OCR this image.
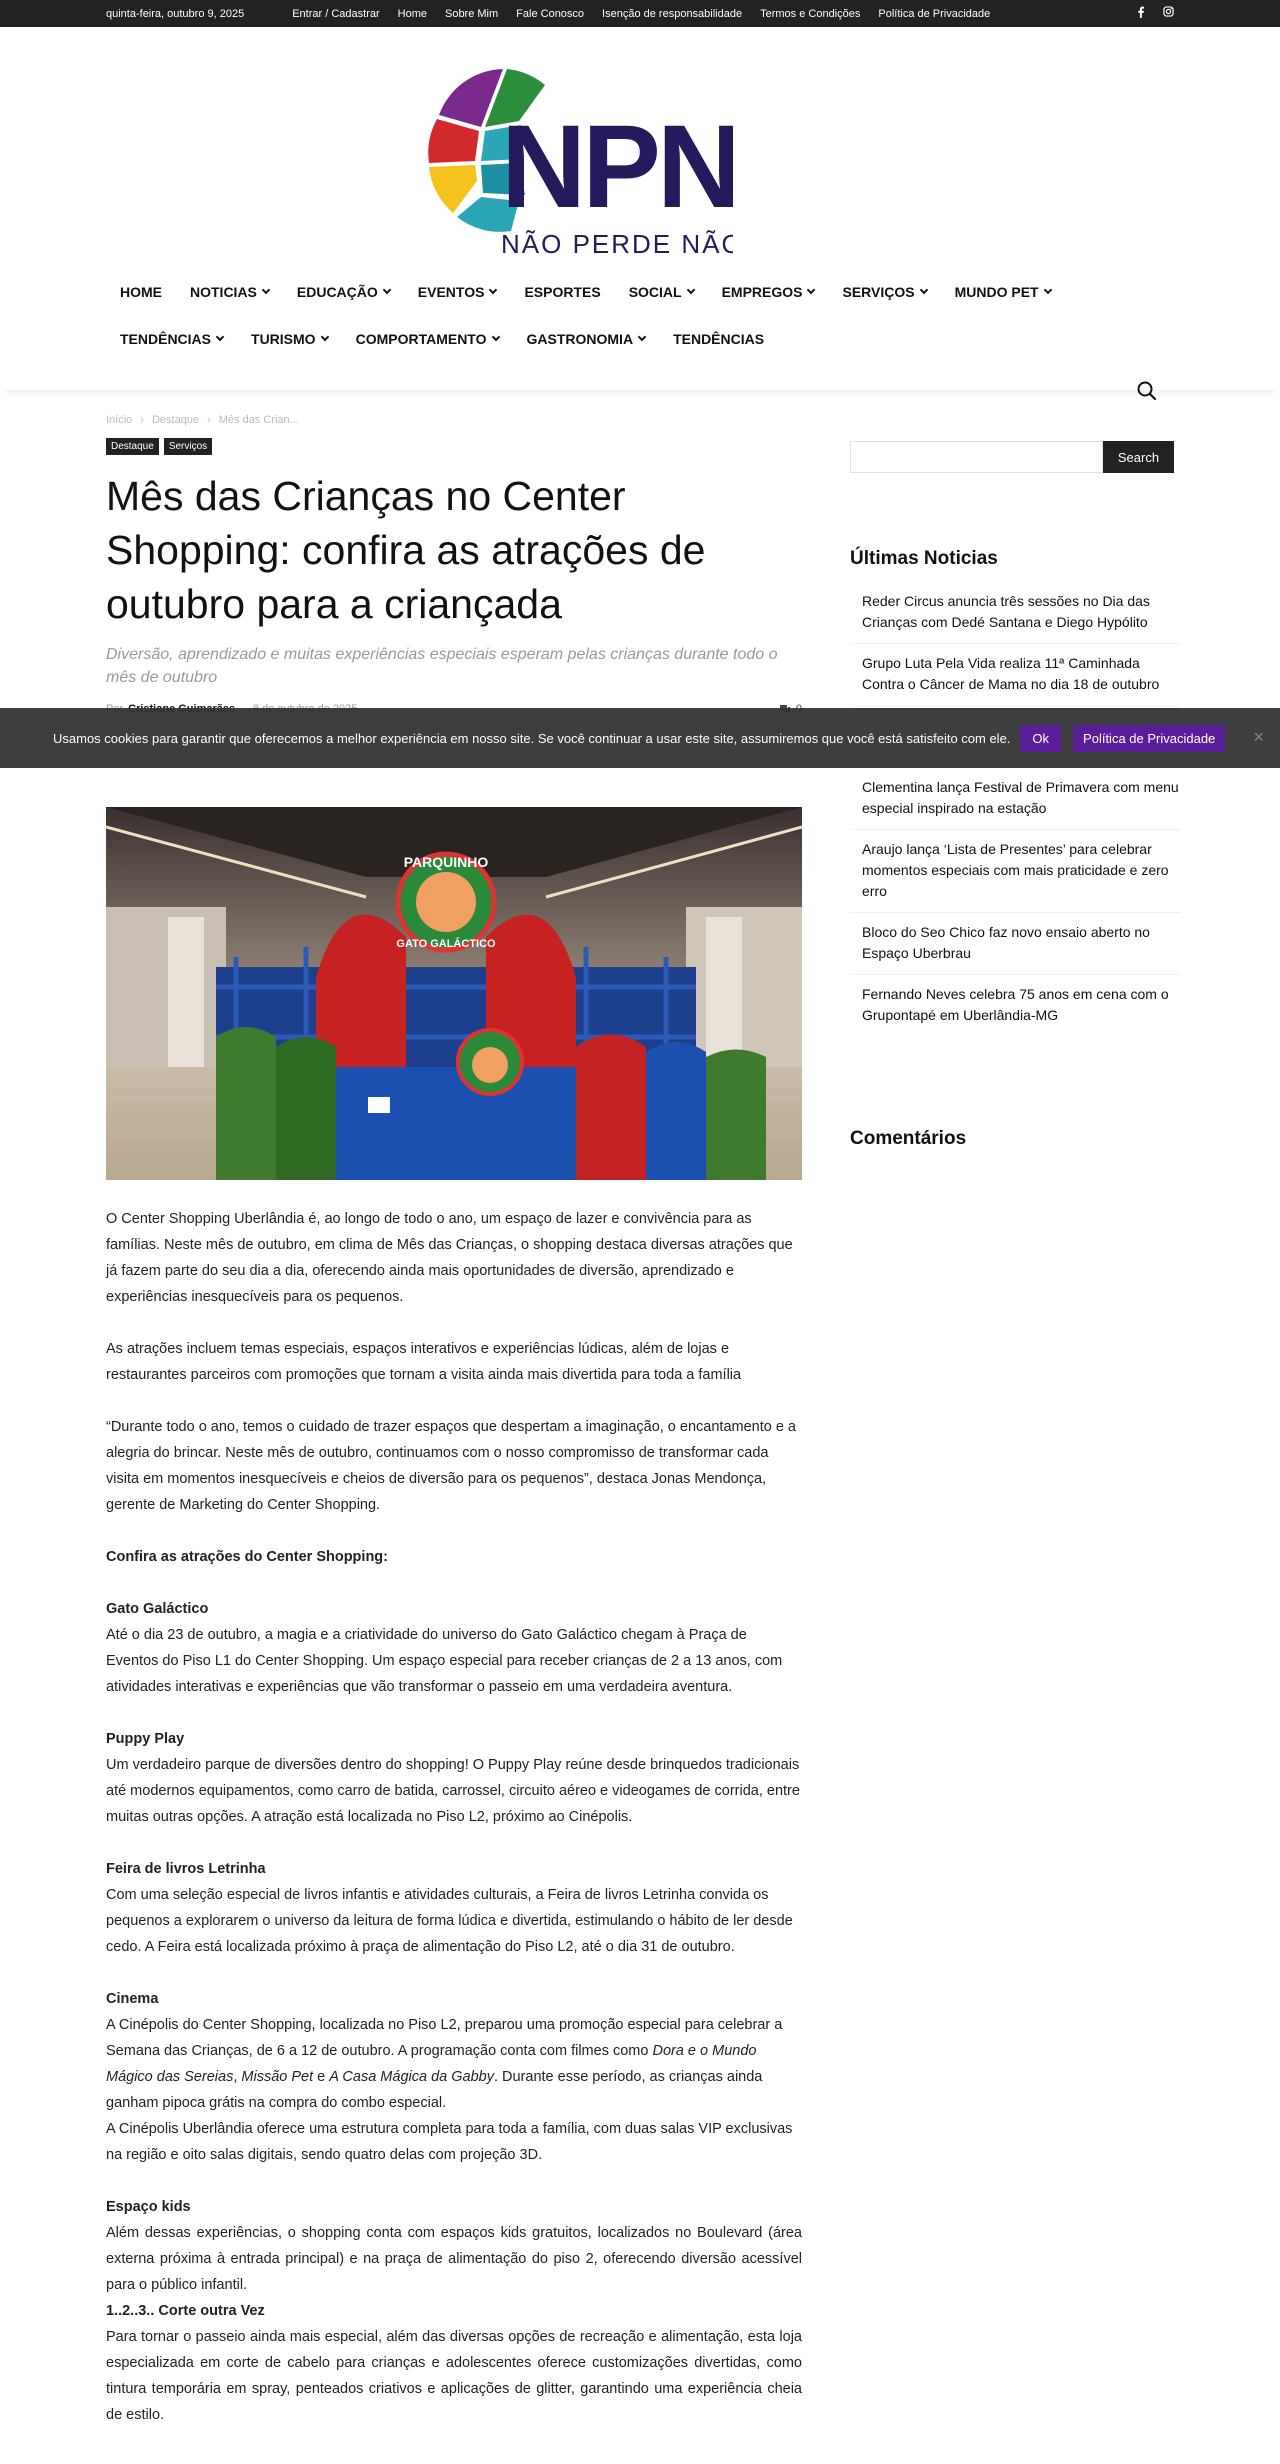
quinta-feira, outubro 9, 2025	Entrar / Cadastrar Home Sobre Mim Fale Conosco Isenção de responsabilidade Termos e Condições Política de Privacidade
NPN
NÃO PERDE NÃO
HOME NOTICIAS	EDUCAÇÃO	EVENTOS	ESPORTES SOCIAL	EMPREGOS	SERVIÇOS	MUNDO PET
TENDÊNCIAS	TURISMO	COMPORTAMENTO	GASTRONOMIA	TENDÊNCIAS
Início › Destaque › Mês das Crian...
Destaque	Serviços
Mês das Crianças no Center Shopping: confira as atrações de outubro para a criançada

Diversão, aprendizado e muitas experiências especiais esperam pelas crianças durante todo o mês de outubro

PARQUINHO
GATO GALÁCTICO

O Center Shopping Uberlândia é, ao longo de todo o ano, um espaço de lazer e convivência para as famílias. Neste mês de outubro, em clima de Mês das Crianças, o shopping destaca diversas atrações que já fazem parte do seu dia a dia, oferecendo ainda mais oportunidades de diversão, aprendizado e experiências inesquecíveis para os pequenos.

As atrações incluem temas especiais, espaços interativos e experiências lúdicas, além de lojas e restaurantes parceiros com promoções que tornam a visita ainda mais divertida para toda a família

“Durante todo o ano, temos o cuidado de trazer espaços que despertam a imaginação, o encantamento e a alegria do brincar. Neste mês de outubro, continuamos com o nosso compromisso de transformar cada visita em momentos inesquecíveis e cheios de diversão para os pequenos”, destaca Jonas Mendonça, gerente de Marketing do Center Shopping.

Confira as atrações do Center Shopping:

Gato Galáctico
Até o dia 23 de outubro, a magia e a criatividade do universo do Gato Galáctico chegam à Praça de Eventos do Piso L1 do Center Shopping. Um espaço especial para receber crianças de 2 a 13 anos, com atividades interativas e experiências que vão transformar o passeio em uma verdadeira aventura.
Puppy Play
Um verdadeiro parque de diversões dentro do shopping! O Puppy Play reúne desde brinquedos tradicionais até modernos equipamentos, como carro de batida, carrossel, circuito aéreo e videogames de corrida, entre muitas outras opções. A atração está localizada no Piso L2, próximo ao Cinépolis.
Feira de livros Letrinha
Com uma seleção especial de livros infantis e atividades culturais, a Feira de livros Letrinha convida os pequenos a explorarem o universo da leitura de forma lúdica e divertida, estimulando o hábito de ler desde cedo. A Feira está localizada próximo à praça de alimentação do Piso L2, até o dia 31 de outubro.
Cinema
A Cinépolis do Center Shopping, localizada no Piso L2, preparou uma promoção especial para celebrar a Semana das Crianças, de 6 a 12 de outubro. A programação conta com filmes como Dora e o Mundo Mágico das Sereias, Missão Pet e A Casa Mágica da Gabby. Durante esse período, as crianças ainda ganham pipoca grátis na compra do combo especial.
A Cinépolis Uberlândia oferece uma estrutura completa para toda a família, com duas salas VIP exclusivas na região e oito salas digitais, sendo quatro delas com projeção 3D.
Espaço kids
Além dessas experiências, o shopping conta com espaços kids gratuitos, localizados no Boulevard (área externa próxima à entrada principal) e na praça de alimentação do piso 2, oferecendo diversão acessível para o público infantil.
1..2..3.. Corte outra Vez
Para tornar o passeio ainda mais especial, além das diversas opções de recreação e alimentação, esta loja especializada em corte de cabelo para crianças e adolescentes oferece customizações divertidas, como tintura temporária em spray, penteados criativos e aplicações de glitter, garantindo uma experiência cheia de estilo.
Search
Últimas Noticias
Reder Circus anuncia três sessões no Dia das Crianças com Dedé Santana e Diego Hypólito
Grupo Luta Pela Vida realiza 11ª Caminhada Contra o Câncer de Mama no dia 18 de outubro
Clementina lança Festival de Primavera com menu especial inspirado na estação
Araujo lança ‘Lista de Presentes’ para celebrar momentos especiais com mais praticidade e zero erro
Bloco do Seo Chico faz novo ensaio aberto no Espaço Uberbrau
Fernando Neves celebra 75 anos em cena com o Grupontapé em Uberlândia-MG
Comentários
Usamos cookies para garantir que oferecemos a melhor experiência em nosso site. Se você continuar a usar este site, assumiremos que você está satisfeito com ele.	Ok	Política de Privacidade	×
